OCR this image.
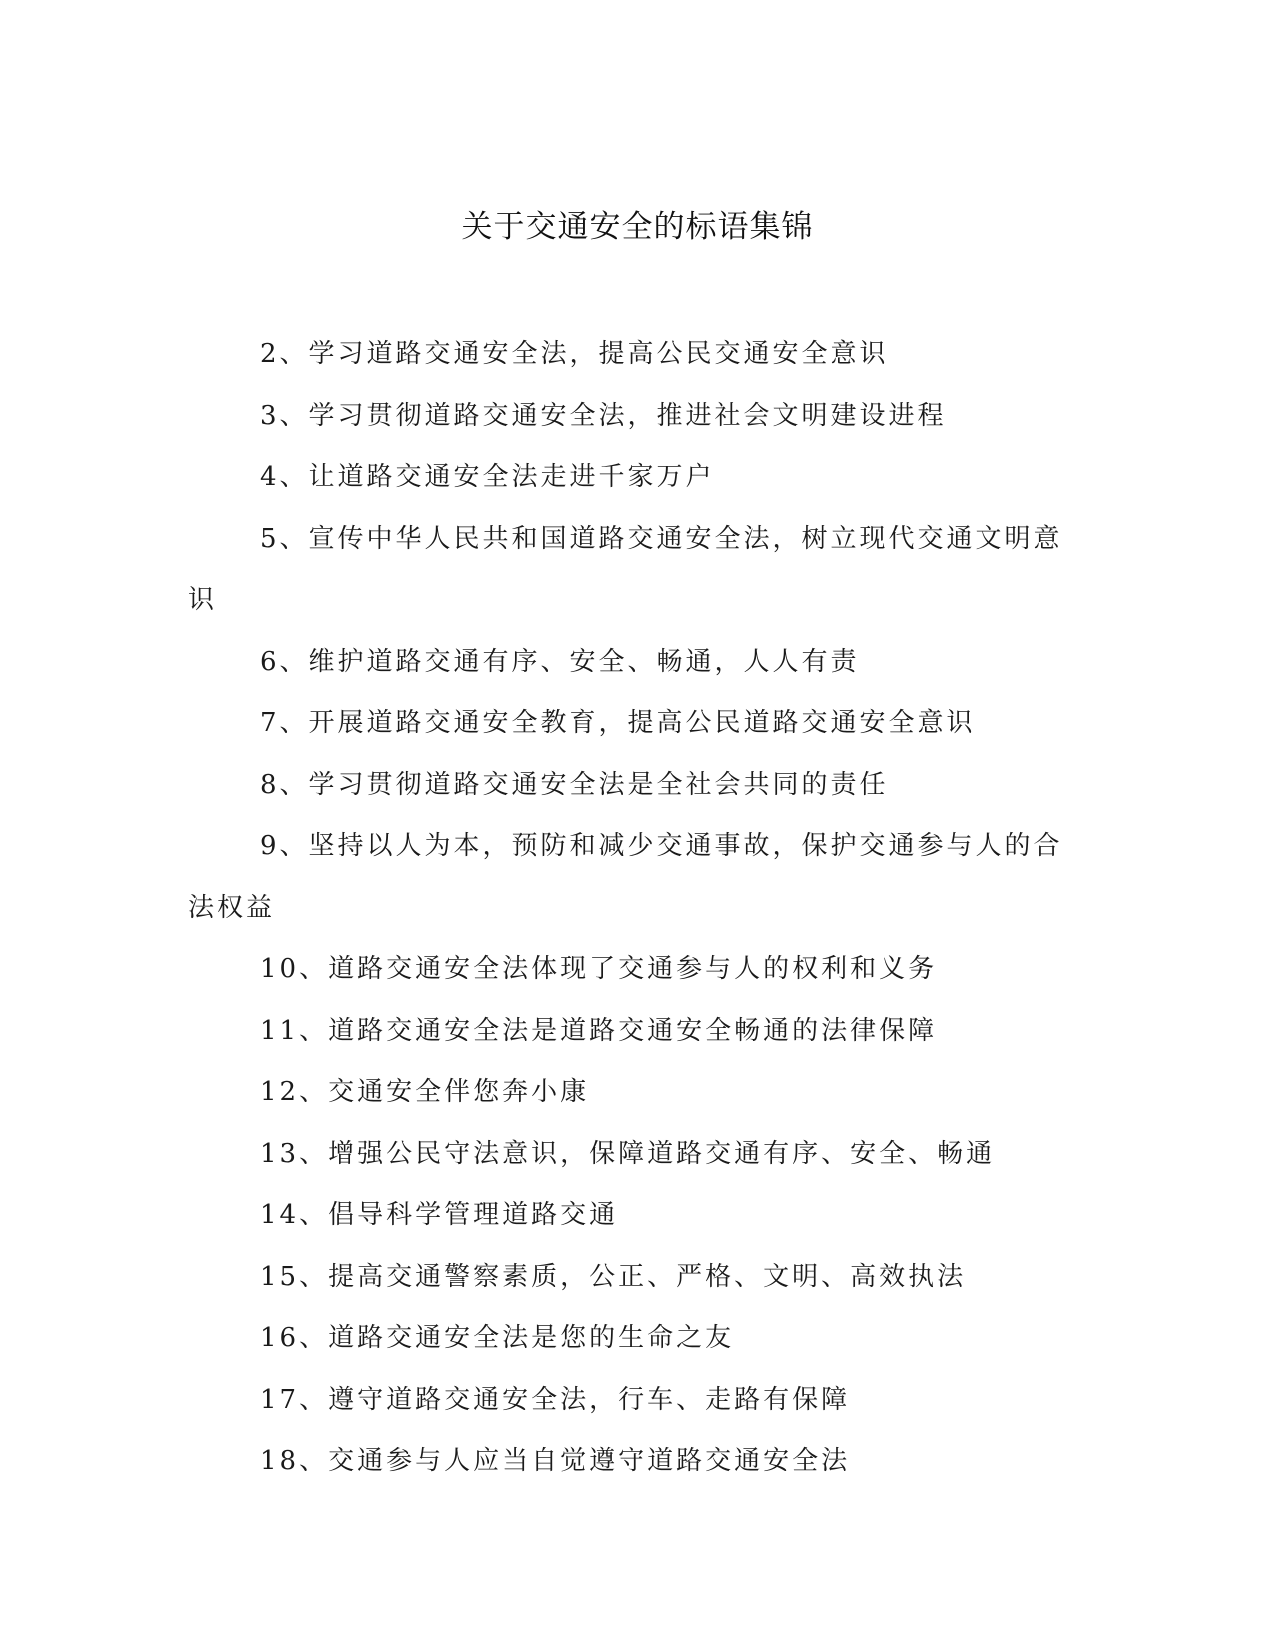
关于交通安全的标语集锦

2、学习道路交通安全法，提高公民交通安全意识

3、学习贯彻道路交通安全法，推进社会文明建设进程

4、让道路交通安全法走进千家万户

5、宣传中华人民共和国道路交通安全法，树立现代交通文明意识

6、维护道路交通有序、安全、畅通，人人有责

7、开展道路交通安全教育，提高公民道路交通安全意识

8、学习贯彻道路交通安全法是全社会共同的责任

9、坚持以人为本，预防和减少交通事故，保护交通参与人的合法权益

10、道路交通安全法体现了交通参与人的权利和义务

11、道路交通安全法是道路交通安全畅通的法律保障

12、交通安全伴您奔小康

13、增强公民守法意识，保障道路交通有序、安全、畅通

14、倡导科学管理道路交通

15、提高交通警察素质，公正、严格、文明、高效执法

16、道路交通安全法是您的生命之友

17、遵守道路交通安全法，行车、走路有保障

18、交通参与人应当自觉遵守道路交通安全法
